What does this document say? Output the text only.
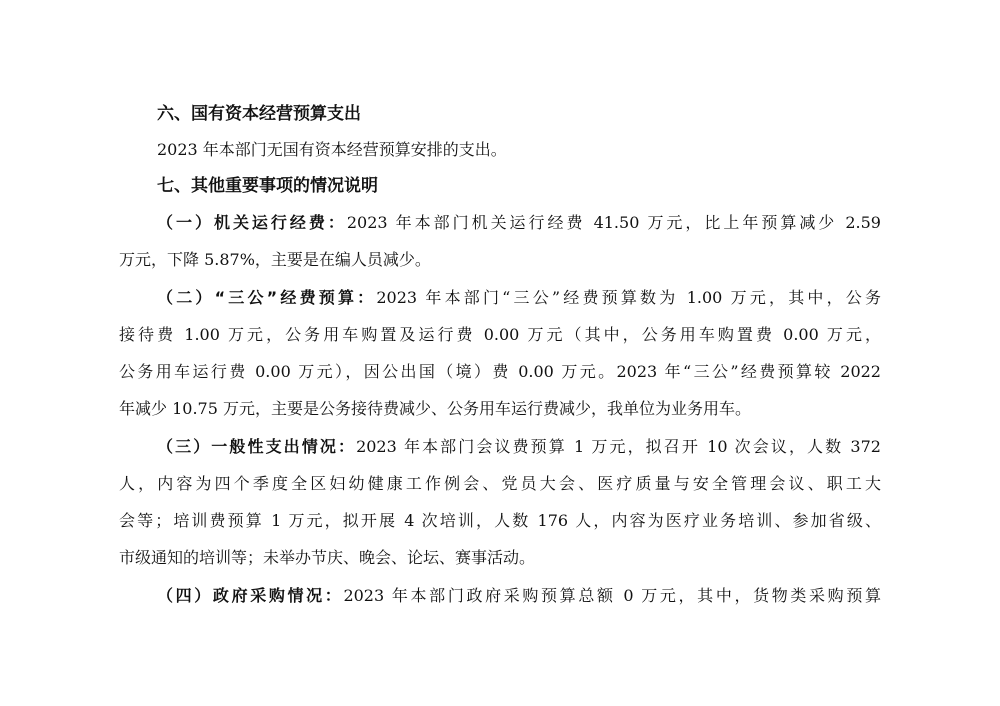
六、国有资本经营预算支出
2023 年本部门无国有资本经营预算安排的支出。
七、其他重要事项的情况说明
（一）机关运行经费：2023 年本部门机关运行经费 41.50 万元，比上年预算减少 2.59
万元，下降 5.87%，主要是在编人员减少。
（二）“三公”经费预算：2023 年本部门“三公”经费预算数为 1.00 万元，其中，公务
接待费 1.00 万元，公务用车购置及运行费 0.00 万元（其中，公务用车购置费 0.00 万元，
公务用车运行费 0.00 万元），因公出国（境）费 0.00 万元。2023 年“三公”经费预算较 2022
年减少 10.75 万元，主要是公务接待费减少、公务用车运行费减少，我单位为业务用车。
（三）一般性支出情况：2023 年本部门会议费预算 1 万元，拟召开 10 次会议，人数 372
人，内容为四个季度全区妇幼健康工作例会、党员大会、医疗质量与安全管理会议、职工大
会等；培训费预算 1 万元，拟开展 4 次培训，人数 176 人，内容为医疗业务培训、参加省级、
市级通知的培训等；未举办节庆、晚会、论坛、赛事活动。
（四）政府采购情况：2023 年本部门政府采购预算总额 0 万元，其中，货物类采购预算
